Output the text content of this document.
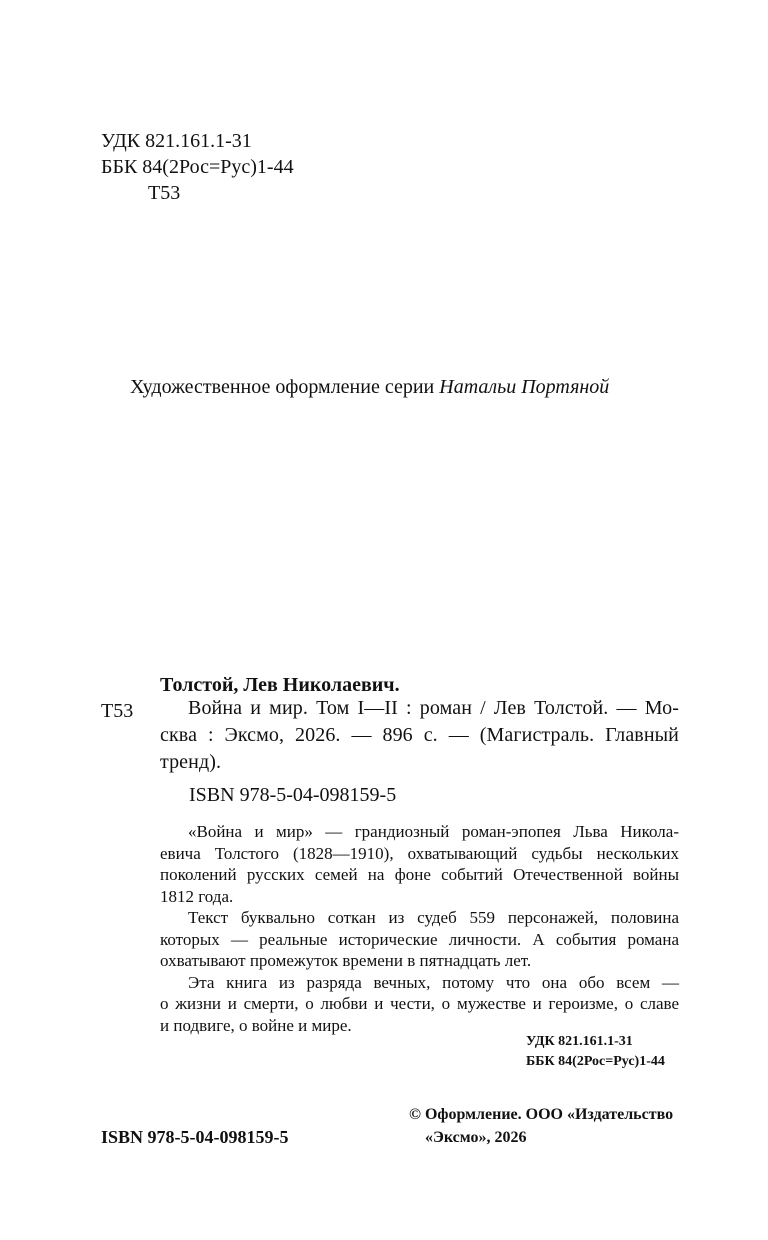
УДК 821.161.1-31
ББК 84(2Рос=Рус)1-44
Т53
Художественное оформление серии Натальи Портяной
Толстой, Лев Николаевич.
Т53	Война и мир. Том I—II : роман / Лев Толстой. — Мо-
сква : Эксмо, 2026. — 896 с. — (Магистраль. Главный
тренд).
ISBN 978-5-04-098159-5
«Война и мир» — грандиозный роман-эпопея Льва Никола-
евича Толстого (1828—1910), охватывающий судьбы нескольких
поколений русских семей на фоне событий Отечественной войны
1812 года.
Текст буквально соткан из судеб 559 персонажей, половина
которых — реальные исторические личности. А события романа
охватывают промежуток времени в пятнадцать лет.
Эта книга из разряда вечных, потому что она обо всем —
о жизни и смерти, о любви и чести, о мужестве и героизме, о славе
и подвиге, о войне и мире.
УДК 821.161.1-31
ББК 84(2Рос=Рус)1-44
ISBN 978-5-04-098159-5
© Оформление. ООО «Издательство
«Эксмо», 2026
